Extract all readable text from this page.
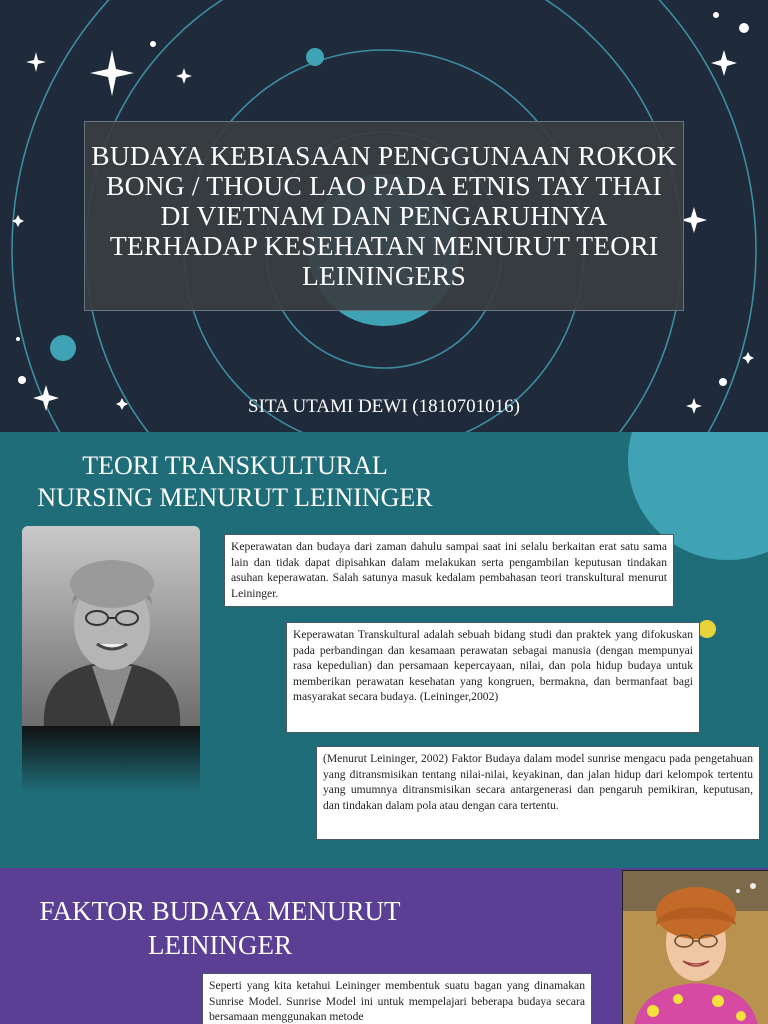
BUDAYA KEBIASAAN PENGGUNAAN ROKOK BONG / THOUC LAO PADA ETNIS TAY THAI DI VIETNAM DAN PENGARUHNYA TERHADAP KESEHATAN MENURUT TEORI LEININGERS
SITA UTAMI DEWI (1810701016)
TEORI TRANSKULTURAL
NURSING MENURUT LEININGER
Keperawatan dan budaya dari zaman dahulu sampai saat ini selalu berkaitan erat satu sama lain dan tidak dapat dipisahkan dalam melakukan serta pengambilan keputusan tindakan asuhan keperawatan. Salah satunya masuk kedalam pembahasan teori transkultural menurut Leininger.
Keperawatan Transkultural adalah sebuah bidang studi dan praktek yang difokuskan pada perbandingan dan kesamaan perawatan sebagai manusia (dengan mempunyai rasa kepedulian) dan persamaan kepercayaan, nilai, dan pola hidup budaya untuk memberikan perawatan kesehatan yang kongruen, bermakna, dan bermanfaat bagi masyarakat secara budaya. (Leininger,2002)
(Menurut Leininger, 2002) Faktor Budaya dalam model sunrise mengacu pada pengetahuan yang ditransmisikan tentang nilai-nilai, keyakinan, dan jalan hidup dari kelompok tertentu yang umumnya ditransmisikan secara antargenerasi dan pengaruh pemikiran, keputusan, dan tindakan dalam pola atau dengan cara tertentu.
FAKTOR BUDAYA MENURUT
LEININGER
Seperti yang kita ketahui Leininger membentuk suatu bagan yang dinamakan Sunrise Model. Sunrise Model ini untuk mempelajari beberapa budaya secara bersamaan menggunakan metode
